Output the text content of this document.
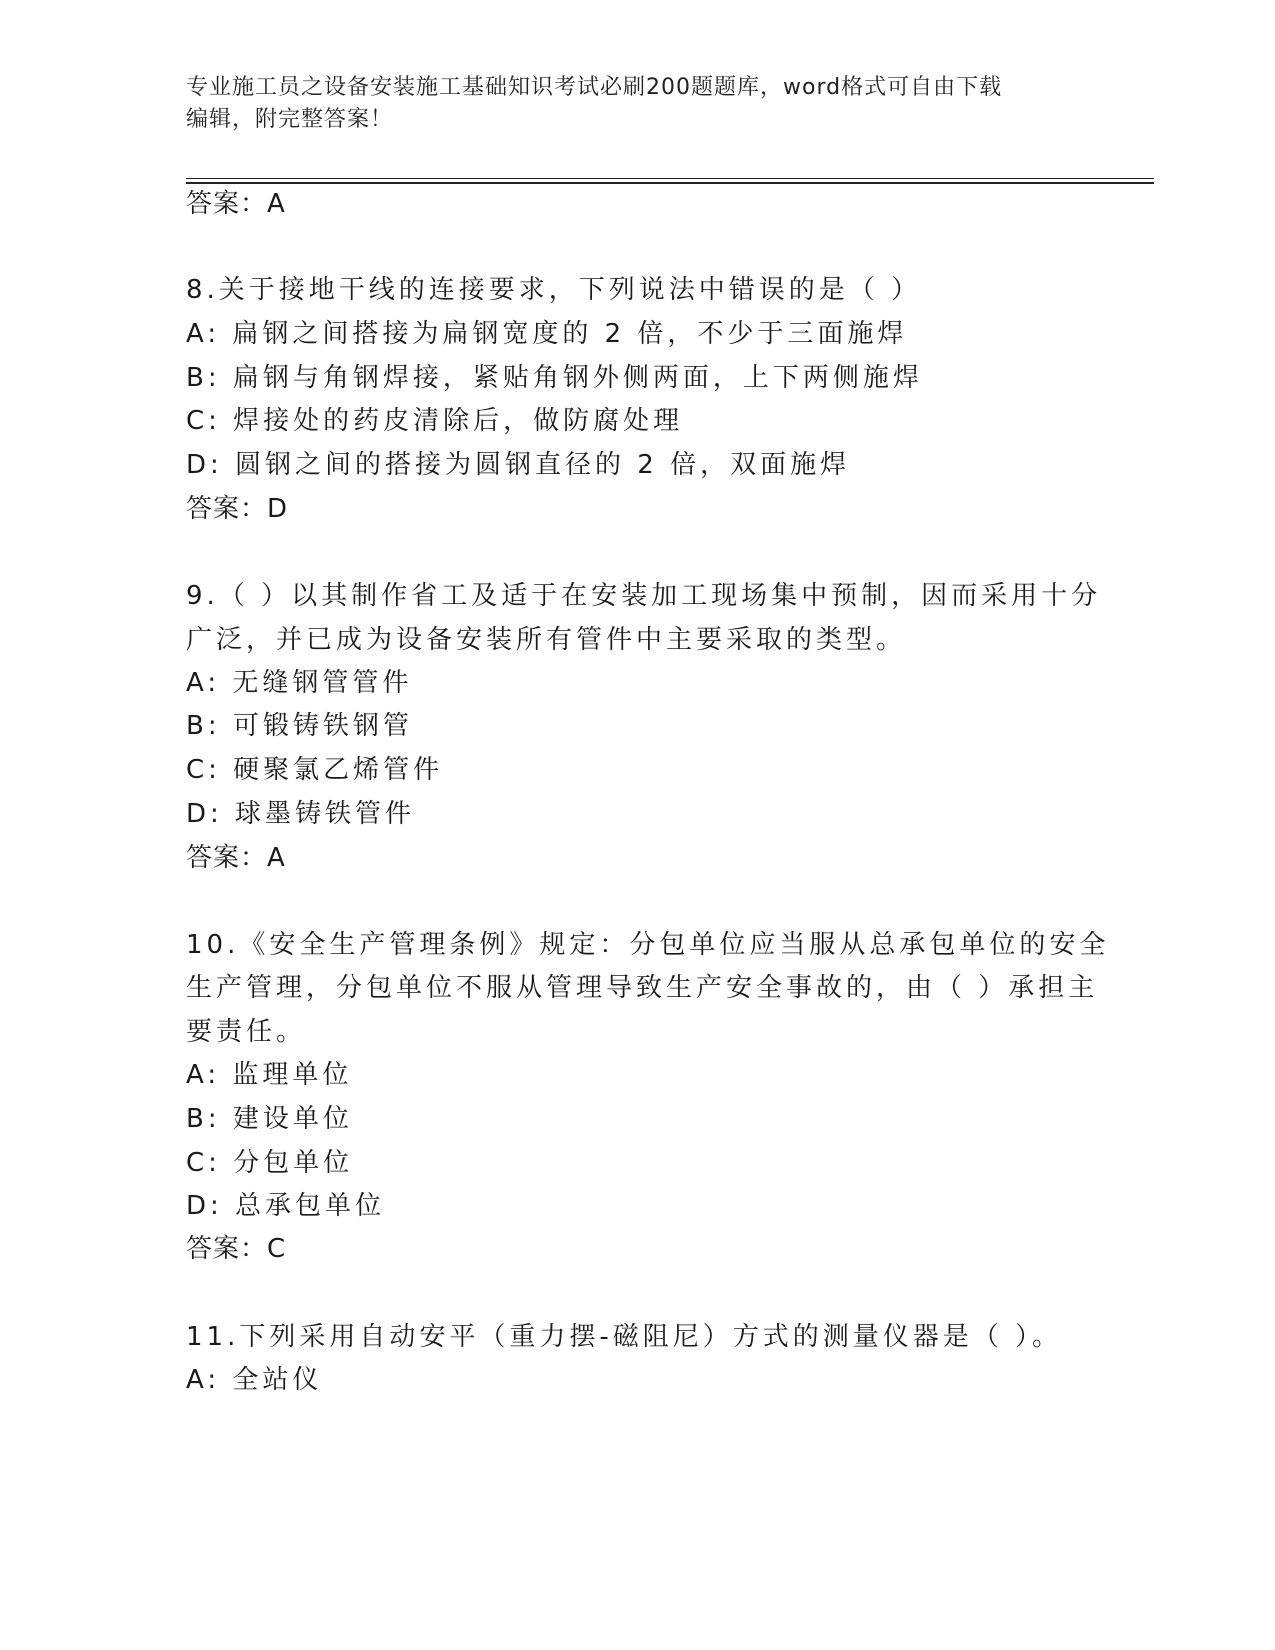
专业施工员之设备安装施工基础知识考试必刷200题题库，word格式可自由下载
编辑，附完整答案！
答案：A
8.关于接地干线的连接要求，下列说法中错误的是（ ）
A: 扁钢之间搭接为扁钢宽度的 2 倍，不少于三面施焊
B: 扁钢与角钢焊接，紧贴角钢外侧两面，上下两侧施焊
C: 焊接处的药皮清除后，做防腐处理
D: 圆钢之间的搭接为圆钢直径的 2 倍，双面施焊
答案：D
9.（ ）以其制作省工及适于在安装加工现场集中预制，因而采用十分
广泛，并已成为设备安装所有管件中主要采取的类型。
A: 无缝钢管管件
B: 可锻铸铁钢管
C: 硬聚氯乙烯管件
D: 球墨铸铁管件
答案：A
10.《安全生产管理条例》规定：分包单位应当服从总承包单位的安全
生产管理，分包单位不服从管理导致生产安全事故的，由（ ）承担主
要责任。
A: 监理单位
B: 建设单位
C: 分包单位
D: 总承包单位
答案：C
11.下列采用自动安平（重力摆-磁阻尼）方式的测量仪器是（ ）。
A: 全站仪
